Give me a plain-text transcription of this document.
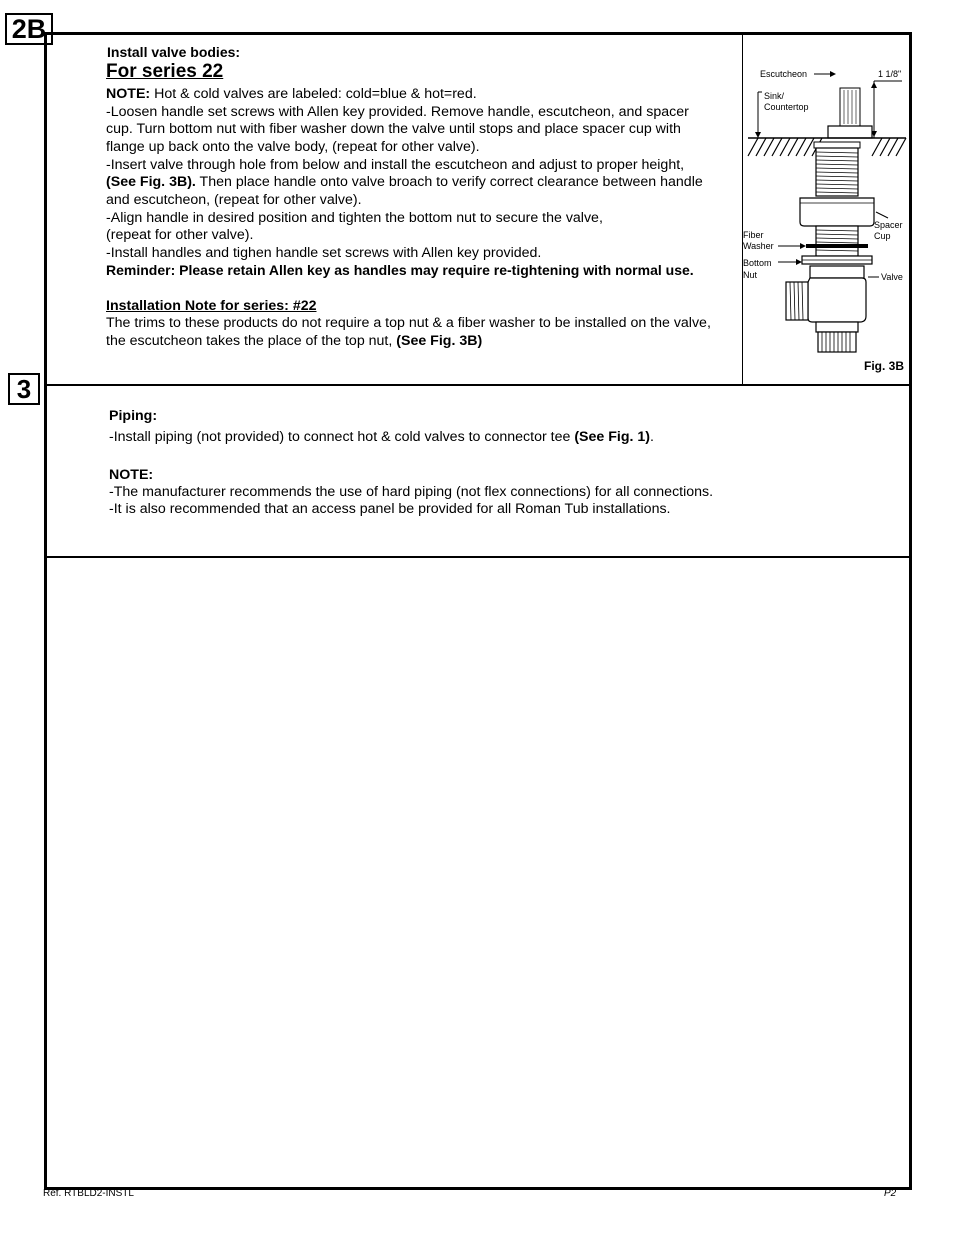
2B
Install valve bodies:
For series 22
NOTE: Hot & cold valves are labeled: cold=blue & hot=red.
-Loosen handle set screws with Allen key provided. Remove handle, escutcheon, and spacer
cup. Turn bottom nut with fiber washer down the valve until stops and place spacer cup with
flange up back onto the valve body, (repeat for other valve).
-Insert valve through hole from below and install the escutcheon and adjust to proper height,
(See Fig. 3B). Then place handle onto valve broach to verify correct clearance between handle
and escutcheon, (repeat for other valve).
-Align handle in desired position and tighten the bottom nut to secure the valve,
(repeat for other valve).
-Install handles and tighen handle set screws with Allen key provided.
Reminder: Please retain Allen key as handles may require re-tightening with normal use.
Installation Note for series: #22
The trims to these products do not require a top nut & a fiber washer to be installed on the valve,
the escutcheon takes the place of the top nut, (See Fig. 3B)
Escutcheon	1 1/8"
Sink/
Countertop
Spacer
Cup
Fiber
Washer
Bottom
Nut	Valve
Fig. 3B
3
Piping:
-Install piping (not provided) to connect hot & cold valves to connector tee (See Fig. 1).
NOTE:
-The manufacturer recommends the use of hard piping (not flex connections) for all connections.
-It is also recommended that an access panel be provided for all Roman Tub installations.
Ref. RTBLD2-INSTL	P2
